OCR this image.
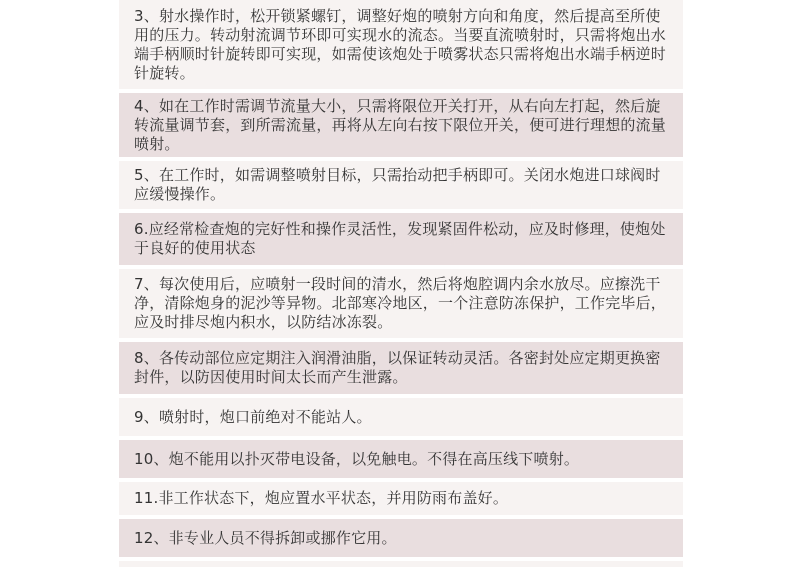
3、射水操作时，松开锁紧螺钉，调整好炮的喷射方向和角度，然后提高至所使用的压力。转动射流调节环即可实现水的流态。当要直流喷射时，只需将炮出水端手柄顺时针旋转即可实现，如需使该炮处于喷雾状态只需将炮出水端手柄逆时针旋转。
4、如在工作时需调节流量大小，只需将限位开关打开，从右向左打起，然后旋转流量调节套，到所需流量，再将从左向右按下限位开关，便可进行理想的流量喷射。
5、在工作时，如需调整喷射目标，只需抬动把手柄即可。关闭水炮进口球阀时应缓慢操作。
6.应经常检查炮的完好性和操作灵活性，发现紧固件松动，应及时修理，使炮处于良好的使用状态
7、每次使用后，应喷射一段时间的清水，然后将炮腔调内余水放尽。应擦洗干净，清除炮身的泥沙等异物。北部寒冷地区，一个注意防冻保护，工作完毕后，应及时排尽炮内积水，以防结冰冻裂。
8、各传动部位应定期注入润滑油脂，以保证转动灵活。各密封处应定期更换密封件，以防因使用时间太长而产生泄露。
9、喷射时，炮口前绝对不能站人。
10、炮不能用以扑灭带电设备，以免触电。不得在高压线下喷射。
11.非工作状态下，炮应置水平状态，并用防雨布盖好。
12、非专业人员不得拆卸或挪作它用。
